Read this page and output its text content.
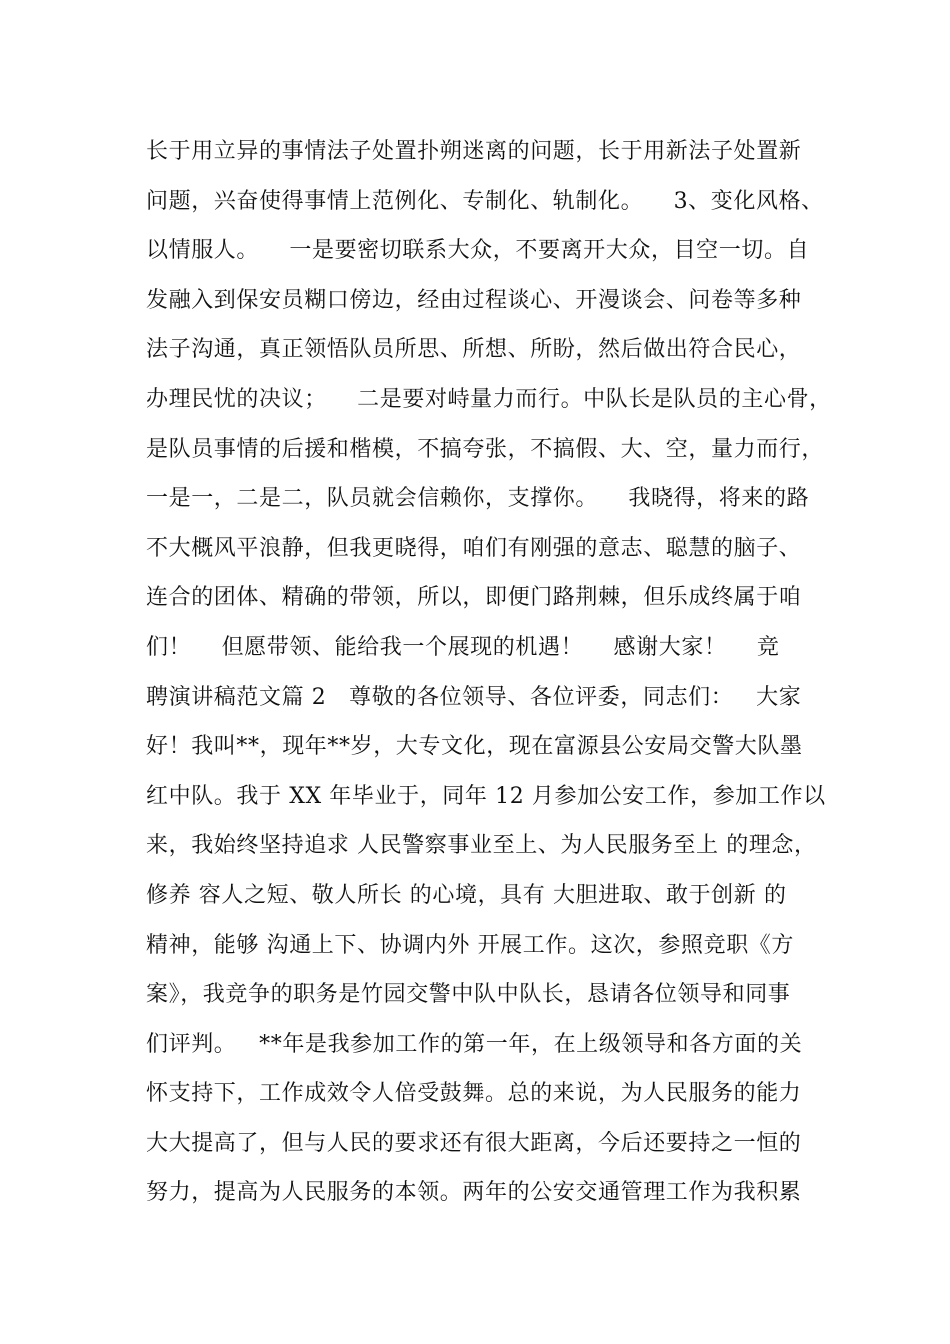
长于用立异的事情法子处置扑朔迷离的问题，长于用新法子处置新
问题，兴奋使得事情上范例化、专制化、轨制化。    3、变化风格、
以情服人。    一是要密切联系大众，不要离开大众，目空一切。自
发融入到保安员糊口傍边，经由过程谈心、开漫谈会、问卷等多种
法子沟通，真正领悟队员所思、所想、所盼，然后做出符合民心，
办理民忧的决议；    二是要对峙量力而行。中队长是队员的主心骨，
是队员事情的后援和楷模，不搞夸张，不搞假、大、空，量力而行，
一是一，二是二，队员就会信赖你，支撑你。    我晓得，将来的路
不大概风平浪静，但我更晓得，咱们有刚强的意志、聪慧的脑子、
连合的团体、精确的带领，所以，即便门路荆棘，但乐成终属于咱
们！    但愿带领、能给我一个展现的机遇！    感谢大家！    竞
聘演讲稿范文篇 2   尊敬的各位领导、各位评委，同志们：   大家
好！我叫**，现年**岁，大专文化，现在富源县公安局交警大队墨
红中队。我于 XX 年毕业于，同年 12 月参加公安工作，参加工作以
来，我始终坚持追求 人民警察事业至上、为人民服务至上 的理念，
修养 容人之短、敬人所长 的心境，具有 大胆进取、敢于创新 的
精神，能够 沟通上下、协调内外 开展工作。这次，参照竞职《方
案》，我竞争的职务是竹园交警中队中队长，恳请各位领导和同事
们评判。   **年是我参加工作的第一年，在上级领导和各方面的关
怀支持下，工作成效令人倍受鼓舞。总的来说，为人民服务的能力
大大提高了，但与人民的要求还有很大距离，今后还要持之一恒的
努力，提高为人民服务的本领。两年的公安交通管理工作为我积累
